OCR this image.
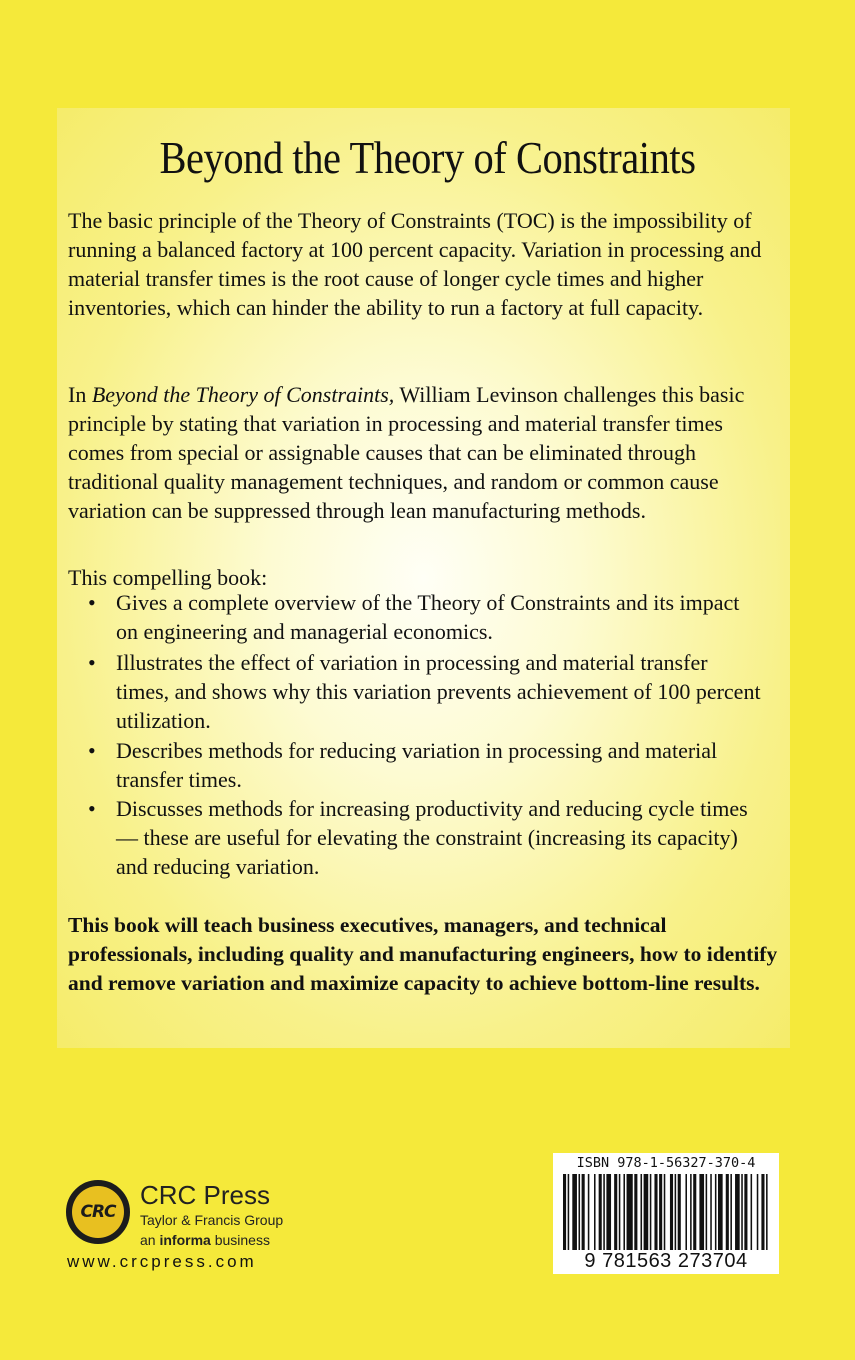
Beyond the Theory of Constraints
The basic principle of the Theory of Constraints (TOC) is the impossibility of running a balanced factory at 100 percent capacity. Variation in processing and material transfer times is the root cause of longer cycle times and higher inventories, which can hinder the ability to run a factory at full capacity.
In Beyond the Theory of Constraints, William Levinson challenges this basic principle by stating that variation in processing and material transfer times comes from special or assignable causes that can be eliminated through traditional quality management techniques, and random or common cause variation can be suppressed through lean manufacturing methods.
This compelling book:
• Gives a complete overview of the Theory of Constraints and its impact on engineering and managerial economics.
• Illustrates the effect of variation in processing and material transfer times, and shows why this variation prevents achievement of 100 percent utilization.
• Describes methods for reducing variation in processing and material transfer times.
• Discusses methods for increasing productivity and reducing cycle times — these are useful for elevating the constraint (increasing its capacity) and reducing variation.
This book will teach business executives, managers, and technical professionals, including quality and manufacturing engineers, how to identify and remove variation and maximize capacity to achieve bottom-line results.
CRC
CRC Press
Taylor & Francis Group
an informa business
www.crcpress.com
ISBN 978-1-56327-370-4
9 781563 273704
